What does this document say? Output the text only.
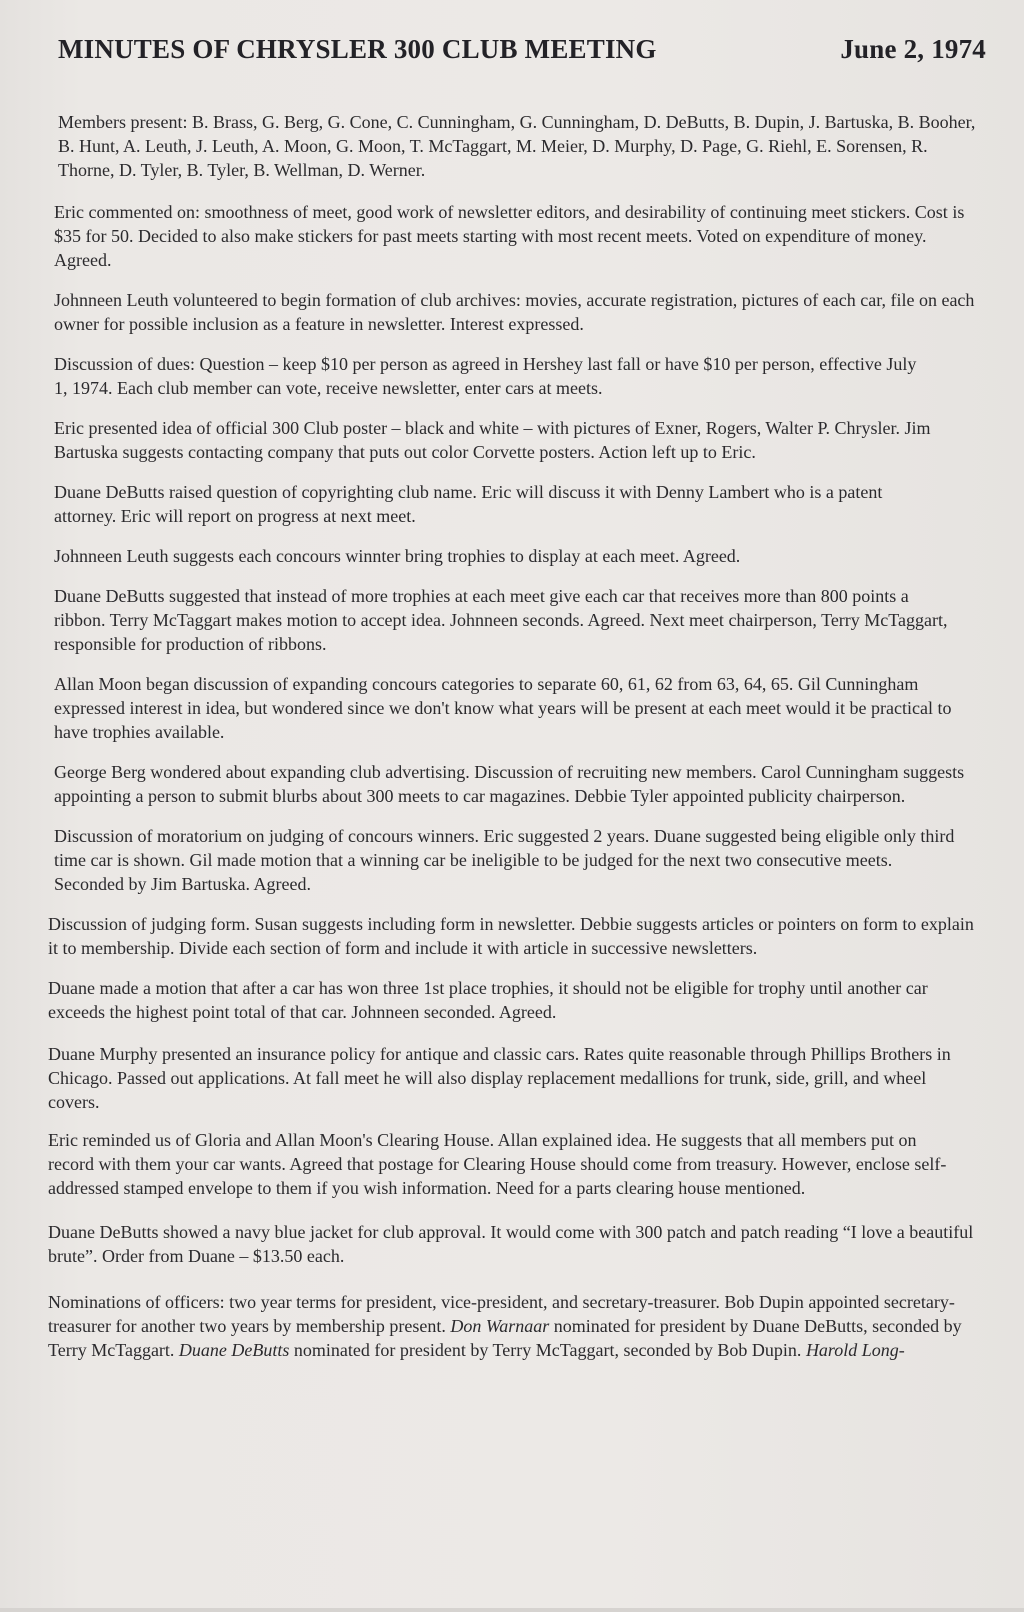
MINUTES OF CHRYSLER 300 CLUB MEETING	June 2, 1974

Members present: B. Brass, G. Berg, G. Cone, C. Cunningham, G. Cunningham, D. DeButts, B. Dupin, J. Bartuska, B. Booher, B. Hunt, A. Leuth, J. Leuth, A. Moon, G. Moon, T. McTaggart, M. Meier, D. Murphy, D. Page, G. Riehl, E. Sorensen, R. Thorne, D. Tyler, B. Tyler, B. Wellman, D. Werner.

Eric commented on: smoothness of meet, good work of newsletter editors, and desirability of continuing meet stickers. Cost is $35 for 50. Decided to also make stickers for past meets starting with most recent meets. Voted on expenditure of money. Agreed.

Johnneen Leuth volunteered to begin formation of club archives: movies, accurate registration, pictures of each car, file on each owner for possible inclusion as a feature in newsletter. Interest expressed.

Discussion of dues: Question – keep $10 per person as agreed in Hershey last fall or have $10 per person, effective July 1, 1974. Each club member can vote, receive newsletter, enter cars at meets.

Eric presented idea of official 300 Club poster – black and white – with pictures of Exner, Rogers, Walter P. Chrysler. Jim Bartuska suggests contacting company that puts out color Corvette posters. Action left up to Eric.

Duane DeButts raised question of copyrighting club name. Eric will discuss it with Denny Lambert who is a patent attorney. Eric will report on progress at next meet.

Johnneen Leuth suggests each concours winnter bring trophies to display at each meet. Agreed.

Duane DeButts suggested that instead of more trophies at each meet give each car that receives more than 800 points a ribbon. Terry McTaggart makes motion to accept idea. Johnneen seconds. Agreed. Next meet chairperson, Terry McTaggart, responsible for production of ribbons.

Allan Moon began discussion of expanding concours categories to separate 60, 61, 62 from 63, 64, 65. Gil Cunningham expressed interest in idea, but wondered since we don't know what years will be present at each meet would it be practical to have trophies available.

George Berg wondered about expanding club advertising. Discussion of recruiting new members. Carol Cunningham suggests appointing a person to submit blurbs about 300 meets to car magazines. Debbie Tyler appointed publicity chairperson.

Discussion of moratorium on judging of concours winners. Eric suggested 2 years. Duane suggested being eligible only third time car is shown. Gil made motion that a winning car be ineligible to be judged for the next two consecutive meets. Seconded by Jim Bartuska. Agreed.

Discussion of judging form. Susan suggests including form in newsletter. Debbie suggests articles or pointers on form to explain it to membership. Divide each section of form and include it with article in successive newsletters.

Duane made a motion that after a car has won three 1st place trophies, it should not be eligible for trophy until another car exceeds the highest point total of that car. Johnneen seconded. Agreed.

Duane Murphy presented an insurance policy for antique and classic cars. Rates quite reasonable through Phillips Brothers in Chicago. Passed out applications. At fall meet he will also display replacement medallions for trunk, side, grill, and wheel covers.

Eric reminded us of Gloria and Allan Moon's Clearing House. Allan explained idea. He suggests that all members put on record with them your car wants. Agreed that postage for Clearing House should come from treasury. However, enclose self-addressed stamped envelope to them if you wish information. Need for a parts clearing house mentioned.

Duane DeButts showed a navy blue jacket for club approval. It would come with 300 patch and patch reading “I love a beautiful brute”. Order from Duane – $13.50 each.

Nominations of officers: two year terms for president, vice-president, and secretary-treasurer. Bob Dupin appointed secretary-treasurer for another two years by membership present. Don Warnaar nominated for president by Duane DeButts, seconded by Terry McTaggart. Duane DeButts nominated for president by Terry McTaggart, seconded by Bob Dupin. Harold Long-
